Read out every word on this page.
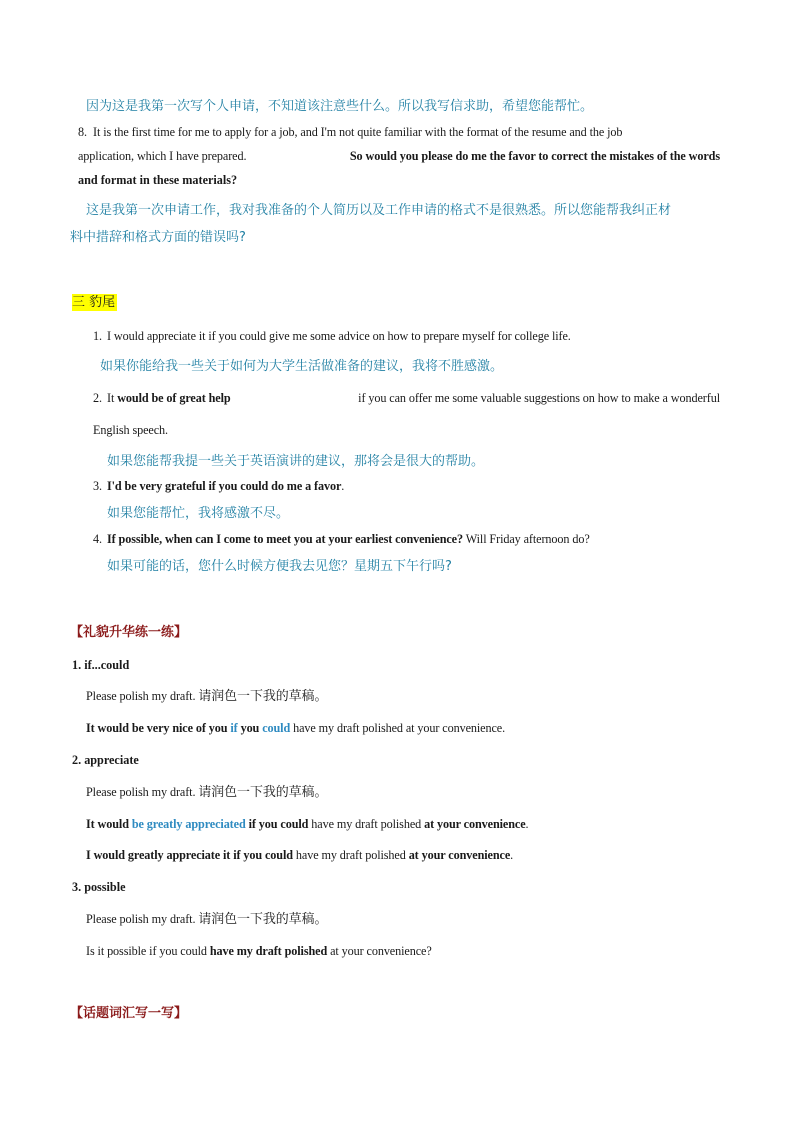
因为这是我第一次写个人申请，不知道该注意些什么。所以我写信求助，希望您能帮忙。
8. It is the first time for me to apply for a job, and I'm not quite familiar with the format of the resume and the job
application, which I have prepared.	So would you please do me the favor to correct the mistakes of the words
and format in these materials?
这是我第一次申请工作，我对我准备的个人简历以及工作申请的格式不是很熟悉。所以您能帮我纠正材
料中措辞和格式方面的错误吗?
三 豹尾
1. I would appreciate it if you could give me some advice on how to prepare myself for college life.
如果你能给我一些关于如何为大学生活做准备的建议，我将不胜感激。
2. It would be of great help	if you can offer me some valuable suggestions on how to make a wonderful
English speech.
如果您能帮我提一些关于英语演讲的建议，那将会是很大的帮助。
3. I'd be very grateful if you could do me a favor.
如果您能帮忙，我将感激不尽。
4. If possible, when can I come to meet you at your earliest convenience? Will Friday afternoon do?
如果可能的话，您什么时候方便我去见您？星期五下午行吗?
【礼貌升华练一练】
1. if...could
Please polish my draft. 请润色一下我的草稿。
It would be very nice of you if you could have my draft polished at your convenience.
2. appreciate
Please polish my draft. 请润色一下我的草稿。
It would be greatly appreciated if you could have my draft polished at your convenience.
I would greatly appreciate it if you could have my draft polished at your convenience.
3. possible
Please polish my draft. 请润色一下我的草稿。
Is it possible if you could have my draft polished at your convenience?
【话题词汇写一写】
